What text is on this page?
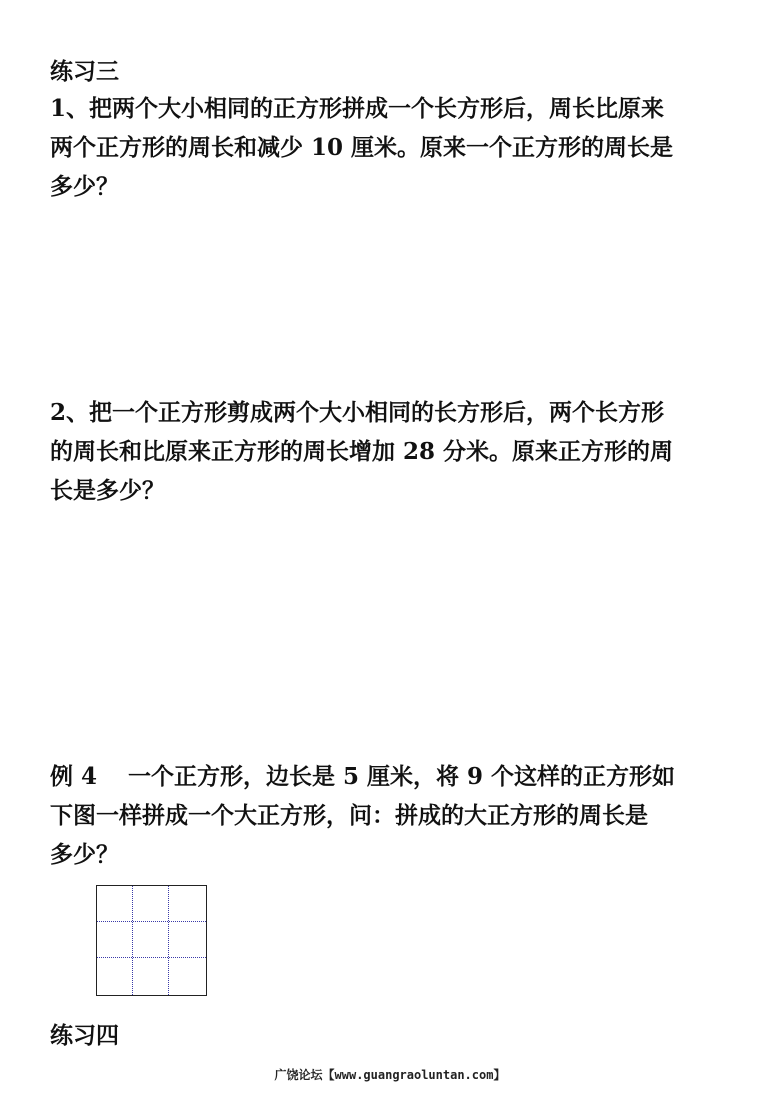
练习三
1、把两个大小相同的正方形拼成一个长方形后，周长比原来
两个正方形的周长和减少 10 厘米。原来一个正方形的周长是
多少？
2、把一个正方形剪成两个大小相同的长方形后，两个长方形
的周长和比原来正方形的周长增加 28 分米。原来正方形的周
长是多少？
例 4　 一个正方形，边长是 5 厘米，将 9 个这样的正方形如
下图一样拼成一个大正方形，问：拼成的大正方形的周长是
多少？
练习四
广饶论坛【www.guangraoluntan.com】
